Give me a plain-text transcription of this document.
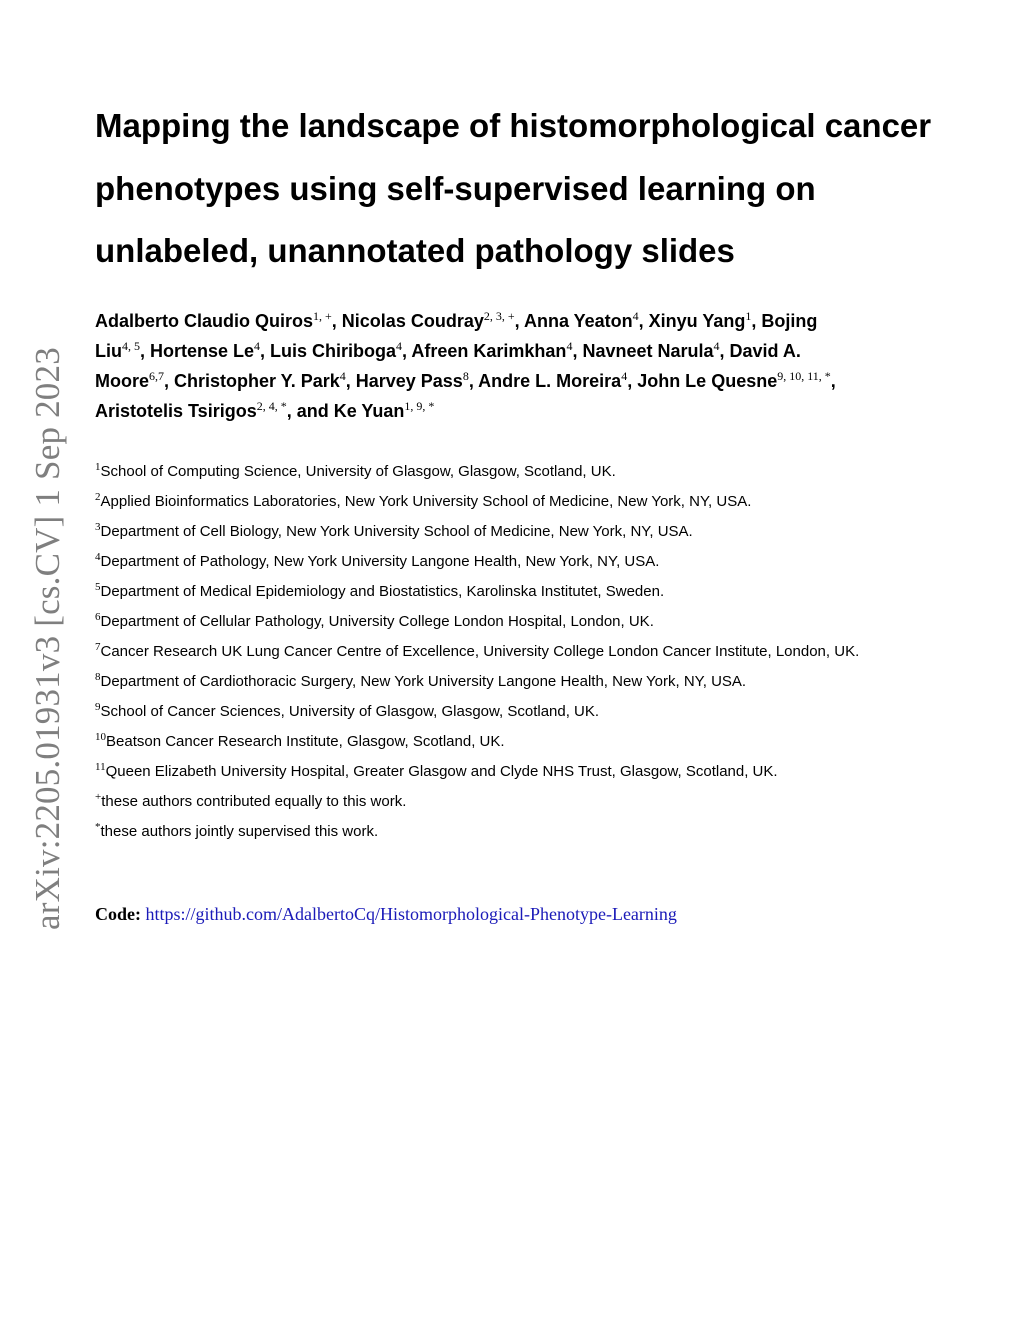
arXiv:2205.01931v3 [cs.CV] 1 Sep 2023
Mapping the landscape of histomorphological cancer
phenotypes using self-supervised learning on
unlabeled, unannotated pathology slides
Adalberto Claudio Quiros$^{1, +}$, Nicolas Coudray$^{2, 3, +}$, Anna Yeaton$^4$, Xinyu Yang$^1$, Bojing
Liu$^{4, 5}$, Hortense Le$^4$, Luis Chiriboga$^4$, Afreen Karimkhan$^4$, Navneet Narula$^4$, David A.
Moore$^{6,7}$, Christopher Y. Park$^4$, Harvey Pass$^8$, Andre L. Moreira$^4$, John Le Quesne$^{9, 10, 11, *}$,
Aristotelis Tsirigos$^{2, 4, *}$, and Ke Yuan$^{1, 9, *}$
$^1$School of Computing Science, University of Glasgow, Glasgow, Scotland, UK.
$^2$Applied Bioinformatics Laboratories, New York University School of Medicine, New York, NY, USA.
$^3$Department of Cell Biology, New York University School of Medicine, New York, NY, USA.
$^4$Department of Pathology, New York University Langone Health, New York, NY, USA.
$^5$Department of Medical Epidemiology and Biostatistics, Karolinska Institutet, Sweden.
$^6$Department of Cellular Pathology, University College London Hospital, London, UK.
$^7$Cancer Research UK Lung Cancer Centre of Excellence, University College London Cancer Institute, London, UK.
$^8$Department of Cardiothoracic Surgery, New York University Langone Health, New York, NY, USA.
$^9$School of Cancer Sciences, University of Glasgow, Glasgow, Scotland, UK.
$^{10}$Beatson Cancer Research Institute, Glasgow, Scotland, UK.
$^{11}$Queen Elizabeth University Hospital, Greater Glasgow and Clyde NHS Trust, Glasgow, Scotland, UK.
+these authors contributed equally to this work.
*these authors jointly supervised this work.
Code: https://github.com/AdalbertoCq/Histomorphological-Phenotype-Learning
